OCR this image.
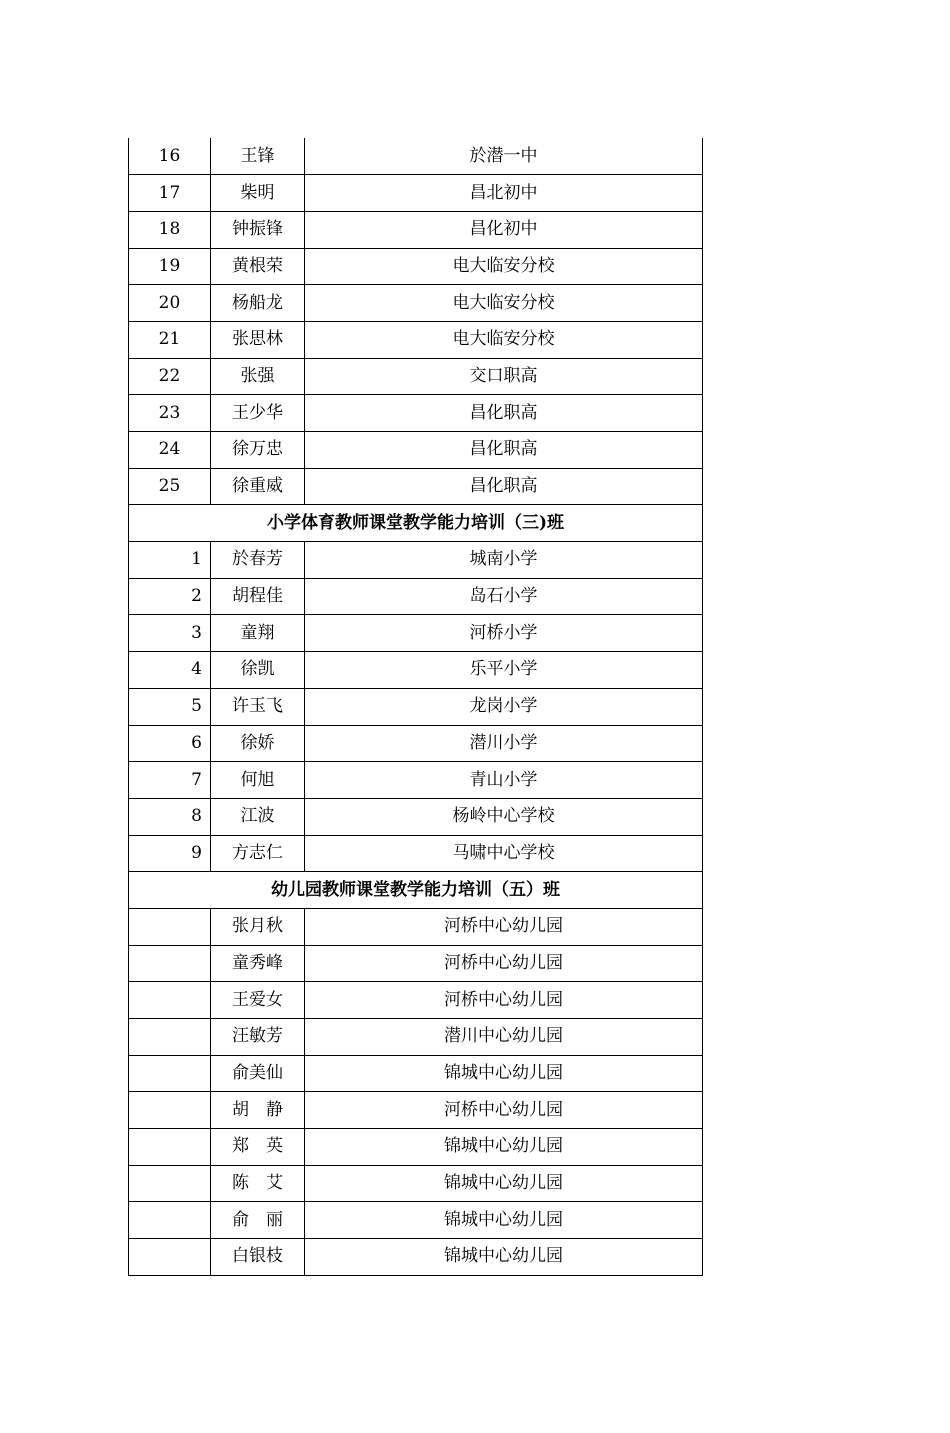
16	王锋	於潜一中
17	柴明	昌北初中
18	钟振锋	昌化初中
19	黄根荣	电大临安分校
20	杨船龙	电大临安分校
21	张思林	电大临安分校
22	张强	交口职高
23	王少华	昌化职高
24	徐万忠	昌化职高
25	徐重威	昌化职高
小学体育教师课堂教学能力培训（三)班		
1	於春芳	城南小学
2	胡程佳	岛石小学
3	童翔	河桥小学
4	徐凯	乐平小学
5	许玉飞	龙岗小学
6	徐娇	潜川小学
7	何旭	青山小学
8	江波	杨岭中心学校
9	方志仁	马啸中心学校
幼儿园教师课堂教学能力培训（五）班		
	张月秋	河桥中心幼儿园
	童秀峰	河桥中心幼儿园
	王爱女	河桥中心幼儿园
	汪敏芳	潜川中心幼儿园
	俞美仙	锦城中心幼儿园
	胡　静	河桥中心幼儿园
	郑　英	锦城中心幼儿园
	陈　艾	锦城中心幼儿园
	俞　丽	锦城中心幼儿园
	白银枝	锦城中心幼儿园
